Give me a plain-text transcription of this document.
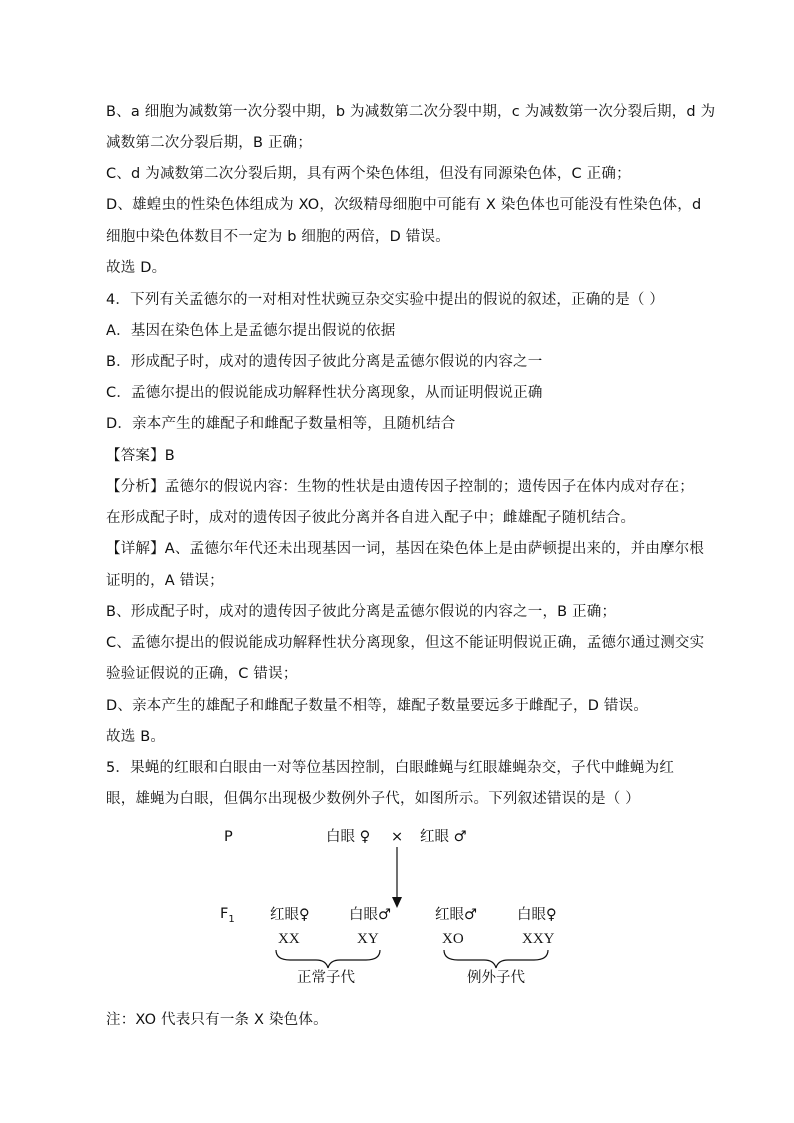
B、a 细胞为减数第一次分裂中期，b 为减数第二次分裂中期，c 为减数第一次分裂后期，d 为
减数第二次分裂后期，B 正确；
C、d 为减数第二次分裂后期，具有两个染色体组，但没有同源染色体，C 正确；
D、雄蝗虫的性染色体组成为 XO，次级精母细胞中可能有 X 染色体也可能没有性染色体，d
细胞中染色体数目不一定为 b 细胞的两倍，D 错误。
故选 D。
4．下列有关孟德尔的一对相对性状豌豆杂交实验中提出的假说的叙述，正确的是（ ）
A．基因在染色体上是孟德尔提出假说的依据
B．形成配子时，成对的遗传因子彼此分离是孟德尔假说的内容之一
C．孟德尔提出的假说能成功解释性状分离现象，从而证明假说正确
D．亲本产生的雄配子和雌配子数量相等，且随机结合
【答案】B
【分析】孟德尔的假说内容：生物的性状是由遗传因子控制的；遗传因子在体内成对存在；
在形成配子时，成对的遗传因子彼此分离并各自进入配子中；雌雄配子随机结合。
【详解】A、孟德尔年代还未出现基因一词，基因在染色体上是由萨顿提出来的，并由摩尔根
证明的，A 错误；
B、形成配子时，成对的遗传因子彼此分离是孟德尔假说的内容之一，B 正确；
C、孟德尔提出的假说能成功解释性状分离现象，但这不能证明假说正确，孟德尔通过测交实
验验证假说的正确，C 错误；
D、亲本产生的雄配子和雌配子数量不相等，雄配子数量要远多于雌配子，D 错误。
故选 B。
5．果蝇的红眼和白眼由一对等位基因控制，白眼雌蝇与红眼雄蝇杂交，子代中雌蝇为红
眼，雄蝇为白眼，但偶尔出现极少数例外子代，如图所示。下列叙述错误的是（ ）
P	白眼 ♀ × 红眼 ♂
$F_1$ 红眼♀	白眼♂	红眼♂	白眼♀
XX	XY	XO	XXY
正常子代	例外子代
注：XO 代表只有一条 X 染色体。
